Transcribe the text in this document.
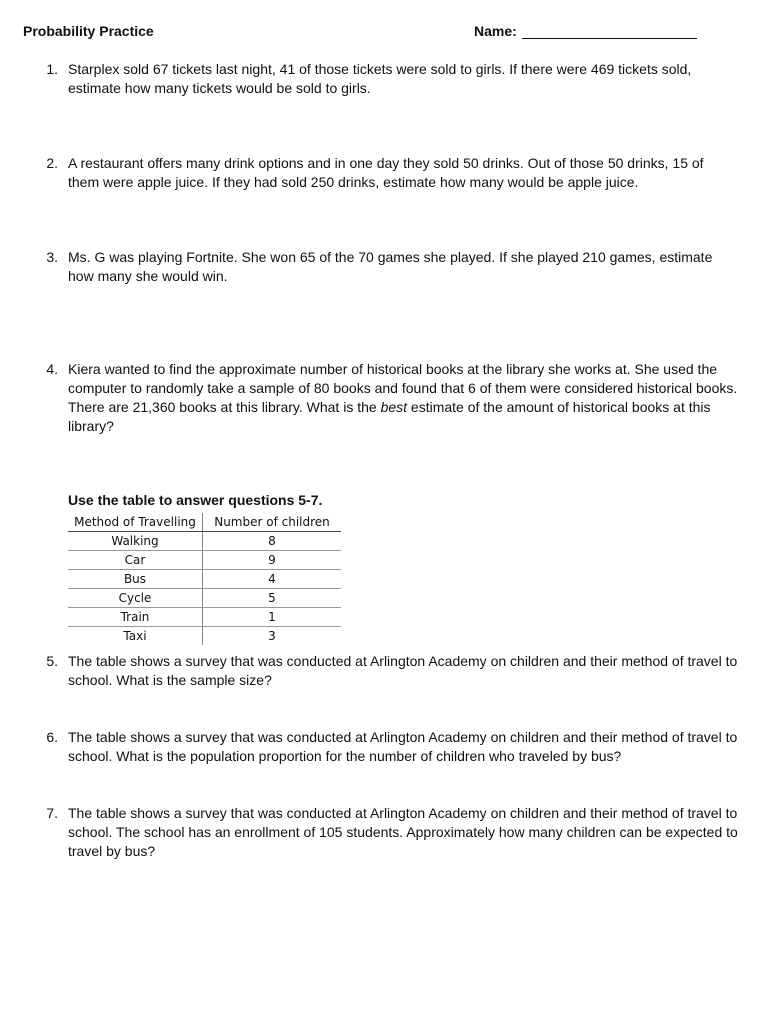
Probability Practice	Name:
1. Starplex sold 67 tickets last night, 41 of those tickets were sold to girls. If there were 469 tickets sold, estimate how many tickets would be sold to girls.
2. A restaurant offers many drink options and in one day they sold 50 drinks. Out of those 50 drinks, 15 of them were apple juice. If they had sold 250 drinks, estimate how many would be apple juice.
3. Ms. G was playing Fortnite. She won 65 of the 70 games she played. If she played 210 games, estimate how many she would win.
4. Kiera wanted to find the approximate number of historical books at the library she works at. She used the computer to randomly take a sample of 80 books and found that 6 of them were considered historical books. There are 21,360 books at this library. What is the best estimate of the amount of historical books at this library?
Use the table to answer questions 5-7.
Method of Travelling	Number of children
Walking	8
Car	9
Bus	4
Cycle	5
Train	1
Taxi	3
5. The table shows a survey that was conducted at Arlington Academy on children and their method of travel to school. What is the sample size?
6. The table shows a survey that was conducted at Arlington Academy on children and their method of travel to school. What is the population proportion for the number of children who traveled by bus?
7. The table shows a survey that was conducted at Arlington Academy on children and their method of travel to school. The school has an enrollment of 105 students. Approximately how many children can be expected to travel by bus?
